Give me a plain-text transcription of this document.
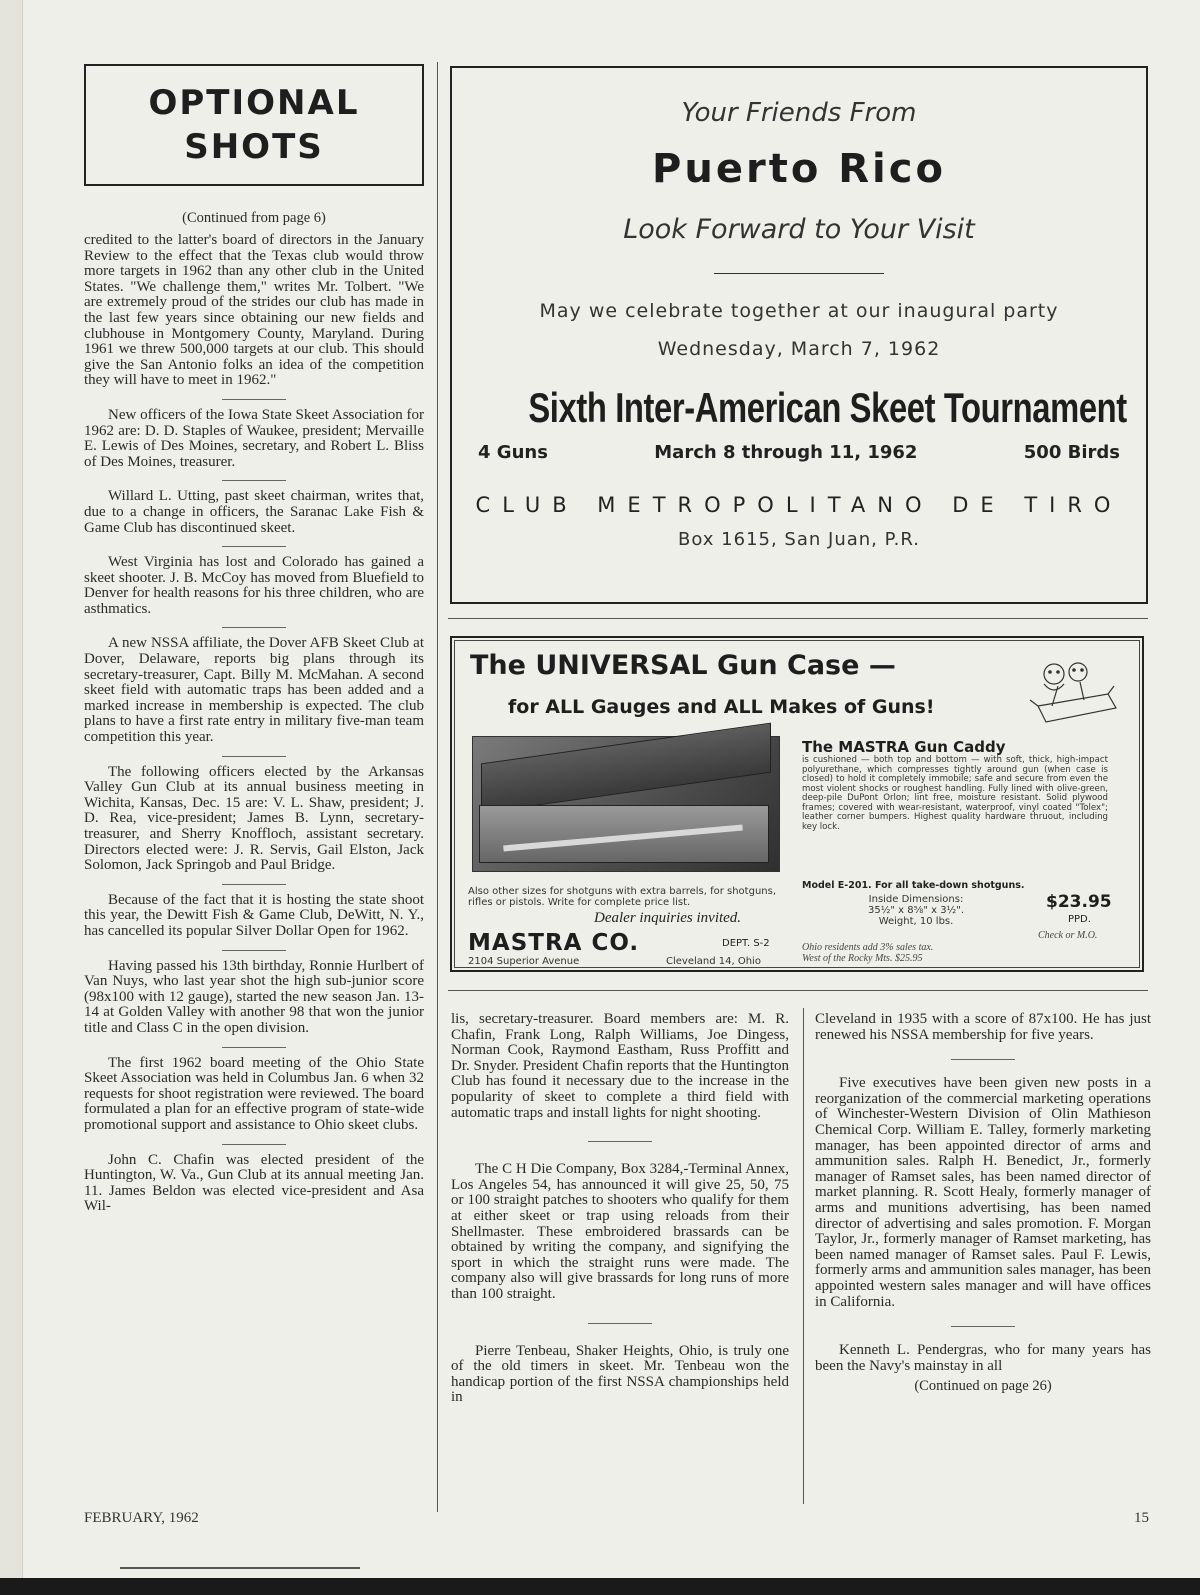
OPTIONAL
SHOTS
(Continued from page 6)

credited to the latter's board of directors in the January Review to the effect that the Texas club would throw more targets in 1962 than any other club in the United States. "We challenge them," writes Mr. Tolbert. "We are extremely proud of the strides our club has made in the last few years since obtaining our new fields and clubhouse in Montgomery County, Maryland. During 1961 we threw 500,000 targets at our club. This should give the San Antonio folks an idea of the competition they will have to meet in 1962."

New officers of the Iowa State Skeet Association for 1962 are: D. D. Staples of Waukee, president; Mervaille E. Lewis of Des Moines, secretary, and Robert L. Bliss of Des Moines, treasurer.

Willard L. Utting, past skeet chairman, writes that, due to a change in officers, the Saranac Lake Fish & Game Club has discontinued skeet.

West Virginia has lost and Colorado has gained a skeet shooter. J. B. McCoy has moved from Bluefield to Denver for health reasons for his three children, who are asthmatics.

A new NSSA affiliate, the Dover AFB Skeet Club at Dover, Delaware, reports big plans through its secretary-treasurer, Capt. Billy M. McMahan. A second skeet field with automatic traps has been added and a marked increase in membership is expected. The club plans to have a first rate entry in military five-man team competition this year.

The following officers elected by the Arkansas Valley Gun Club at its annual business meeting in Wichita, Kansas, Dec. 15 are: V. L. Shaw, president; J. D. Rea, vice-president; James B. Lynn, secretary-treasurer, and Sherry Knoffloch, assistant secretary. Directors elected were: J. R. Servis, Gail Elston, Jack Solomon, Jack Springob and Paul Bridge.

Because of the fact that it is hosting the state shoot this year, the Dewitt Fish & Game Club, DeWitt, N. Y., has cancelled its popular Silver Dollar Open for 1962.

Having passed his 13th birthday, Ronnie Hurlbert of Van Nuys, who last year shot the high sub-junior score (98x100 with 12 gauge), started the new season Jan. 13-14 at Golden Valley with another 98 that won the junior title and Class C in the open division.

The first 1962 board meeting of the Ohio State Skeet Association was held in Columbus Jan. 6 when 32 requests for shoot registration were reviewed. The board formulated a plan for an effective program of state-wide promotional support and assistance to Ohio skeet clubs.

John C. Chafin was elected president of the Huntington, W. Va., Gun Club at its annual meeting Jan. 11. James Beldon was elected vice-president and Asa Wil-

Your Friends From
Puerto Rico
Look Forward to Your Visit
May we celebrate together at our inaugural party
Wednesday, March 7, 1962
Sixth Inter-American Skeet Tournament
4 Guns	March 8 through 11, 1962	500 Birds
CLUB METROPOLITANO DE TIRO
Box 1615, San Juan, P.R.
The UNIVERSAL Gun Case —
for ALL Gauges and ALL Makes of Guns!
Also other sizes for shotguns with extra barrels, for shotguns, rifles or pistols. Write for complete price list.
Dealer inquiries invited.
MASTRA CO.	DEPT. S-2
2104 Superior Avenue	Cleveland 14, Ohio
The MASTRA Gun Caddy
is cushioned — both top and bottom — with soft, thick, high-impact polyurethane, which compresses tightly around gun (when case is closed) to hold it completely immobile; safe and secure from even the most violent shocks or roughest handling. Fully lined with olive-green, deep-pile DuPont Orlon; lint free, moisture resistant. Solid plywood frames; covered with wear-resistant, waterproof, vinyl coated "Tolex"; leather corner bumpers. Highest quality hardware thruout, including key lock.
Model E-201. For all take-down shotguns.
Inside Dimensions:
35½" x 8⅝" x 3½".
Weight, 10 lbs.
$23.95
PPD.
Check or M.O.
Ohio residents add 3% sales tax.
West of the Rocky Mts. $25.95

lis, secretary-treasurer. Board members are: M. R. Chafin, Frank Long, Ralph Williams, Joe Dingess, Norman Cook, Raymond Eastham, Russ Proffitt and Dr. Snyder. President Chafin reports that the Huntington Club has found it necessary due to the increase in the popularity of skeet to complete a third field with automatic traps and install lights for night shooting.

The C H Die Company, Box 3284,-Terminal Annex, Los Angeles 54, has announced it will give 25, 50, 75 or 100 straight patches to shooters who qualify for them at either skeet or trap using reloads from their Shellmaster. These embroidered brassards can be obtained by writing the company, and signifying the sport in which the straight runs were made. The company also will give brassards for long runs of more than 100 straight.

Pierre Tenbeau, Shaker Heights, Ohio, is truly one of the old timers in skeet. Mr. Tenbeau won the handicap portion of the first NSSA championships held in

Cleveland in 1935 with a score of 87x100. He has just renewed his NSSA membership for five years.

Five executives have been given new posts in a reorganization of the commercial marketing operations of Winchester-Western Division of Olin Mathieson Chemical Corp. William E. Talley, formerly marketing manager, has been appointed director of arms and ammunition sales. Ralph H. Benedict, Jr., formerly manager of Ramset sales, has been named director of market planning. R. Scott Healy, formerly manager of arms and munitions advertising, has been named director of advertising and sales promotion. F. Morgan Taylor, Jr., formerly manager of Ramset marketing, has been named manager of Ramset sales. Paul F. Lewis, formerly arms and ammunition sales manager, has been appointed western sales manager and will have offices in California.

Kenneth L. Pendergras, who for many years has been the Navy's mainstay in all

(Continued on page 26)
FEBRUARY, 1962	15
